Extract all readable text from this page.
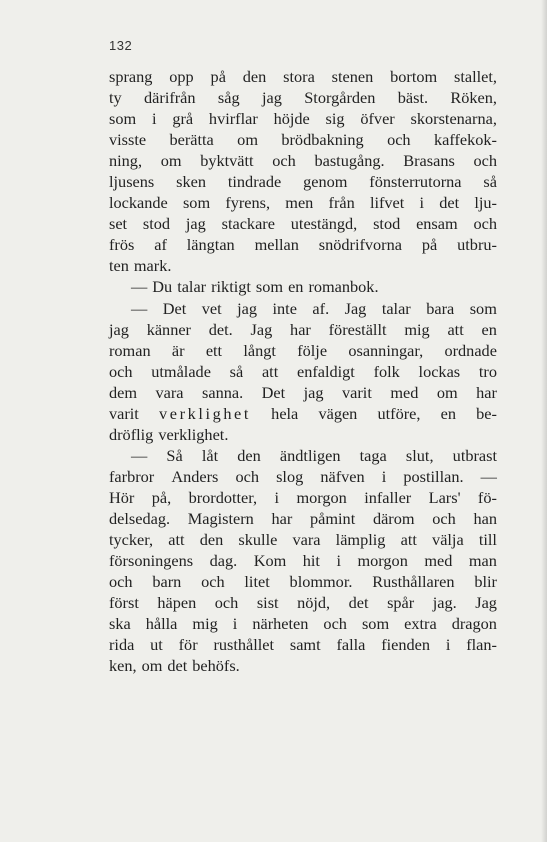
132
sprang opp på den stora stenen bortom stallet,
ty därifrån såg jag Storgården bäst. Röken,
som i grå hvirflar höjde sig öfver skorstenarna,
visste berätta om brödbakning och kaffekok-
ning, om byktvätt och bastugång. Brasans och
ljusens sken tindrade genom fönsterrutorna så
lockande som fyrens, men från lifvet i det lju-
set stod jag stackare utestängd, stod ensam och
frös af längtan mellan snödrifvorna på utbru-
ten mark.
— Du talar riktigt som en romanbok.
— Det vet jag inte af. Jag talar bara som
jag känner det. Jag har föreställt mig att en
roman är ett långt följe osanningar, ordnade
och utmålade så att enfaldigt folk lockas tro
dem vara sanna. Det jag varit med om har
varit verklighet hela vägen utföre, en be-
dröflig verklighet.
— Så låt den ändtligen taga slut, utbrast
farbror Anders och slog näfven i postillan. —
Hör på, brordotter, i morgon infaller Lars' fö-
delsedag. Magistern har påmint därom och han
tycker, att den skulle vara lämplig att välja till
försoningens dag. Kom hit i morgon med man
och barn och litet blommor. Rusthållaren blir
först häpen och sist nöjd, det spår jag. Jag
ska hålla mig i närheten och som extra dragon
rida ut för rusthållet samt falla fienden i flan-
ken, om det behöfs.
